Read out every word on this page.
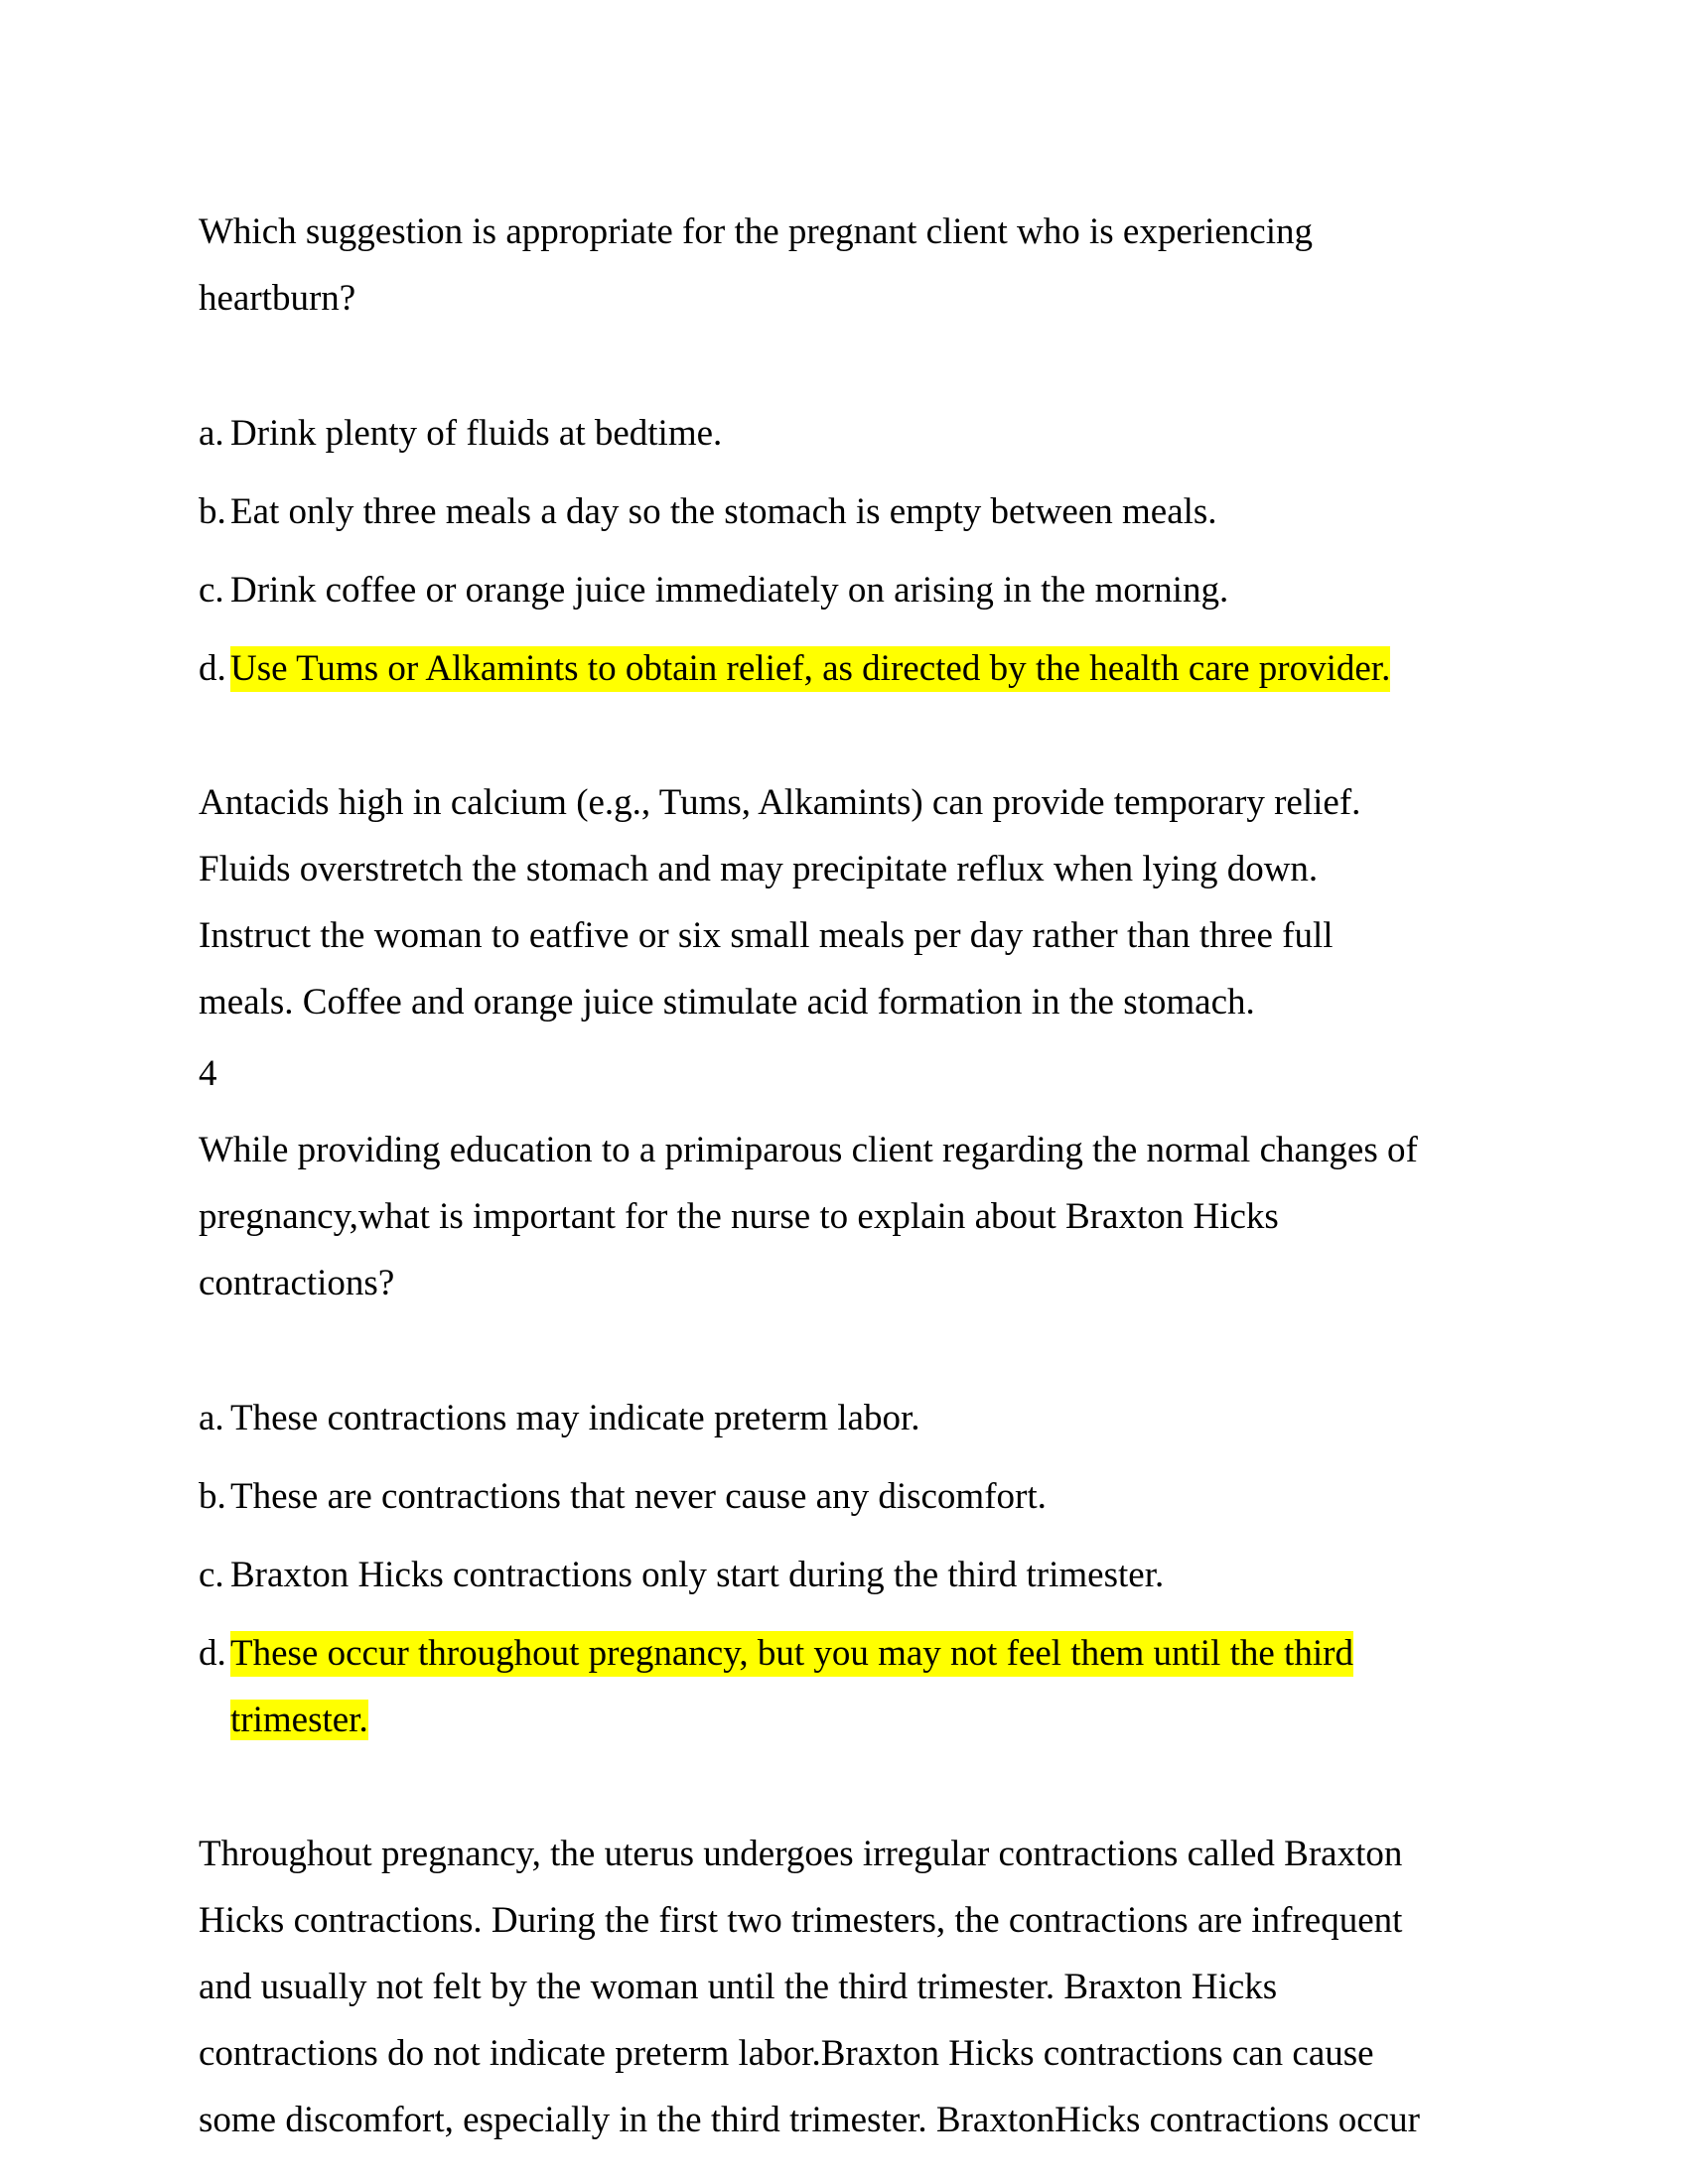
Which suggestion is appropriate for the pregnant client who is experiencing

heartburn?

a. Drink plenty of fluids at bedtime.
b. Eat only three meals a day so the stomach is empty between meals.
c. Drink coffee or orange juice immediately on arising in the morning.
d. Use Tums or Alkamints to obtain relief, as directed by the health care provider.

Antacids high in calcium (e.g., Tums, Alkamints) can provide temporary relief.

Fluids overstretch the stomach and may precipitate reflux when lying down.

Instruct the woman to eatfive or six small meals per day rather than three full

meals. Coffee and orange juice stimulate acid formation in the stomach.

4

While providing education to a primiparous client regarding the normal changes of

pregnancy,what is important for the nurse to explain about Braxton Hicks

contractions?

a. These contractions may indicate preterm labor.
b. These are contractions that never cause any discomfort.
c. Braxton Hicks contractions only start during the third trimester.
d. These occur throughout pregnancy, but you may not feel them until the third
trimester.

Throughout pregnancy, the uterus undergoes irregular contractions called Braxton

Hicks contractions. During the first two trimesters, the contractions are infrequent

and usually not felt by the woman until the third trimester. Braxton Hicks

contractions do not indicate preterm labor.Braxton Hicks contractions can cause

some discomfort, especially in the third trimester. BraxtonHicks contractions occur
